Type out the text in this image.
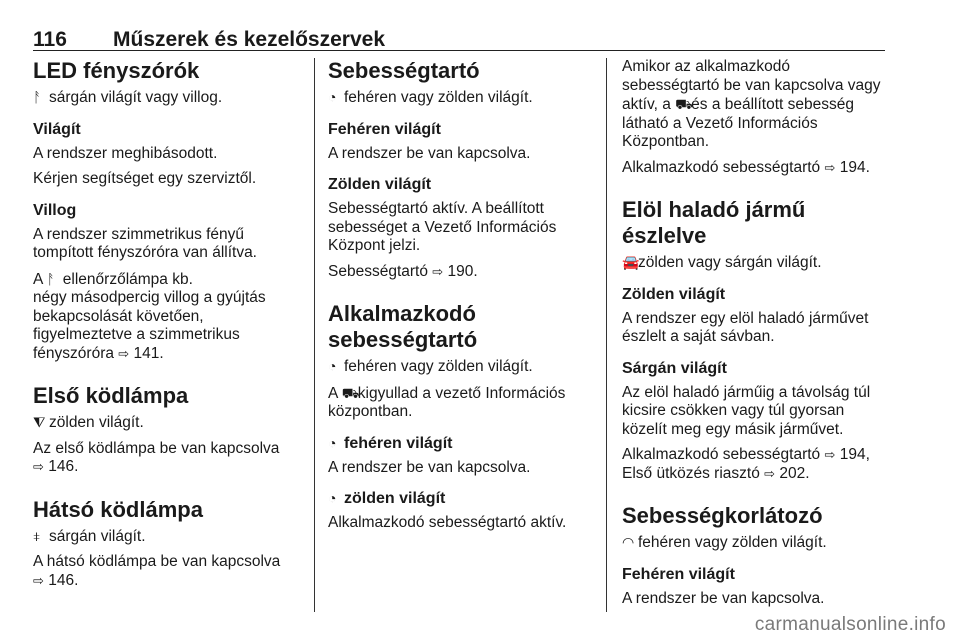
116 Műszerek és kezelőszervek
LED fényszórók
ᚨ sárgán világít vagy villog.
Világít
A rendszer meghibásodott.
Kérjen segítséget egy szerviztől.
Villog
A rendszer szimmetrikus fényű
tompított fényszóróra van állítva.
A ᚨ ellenőrzőlámpa kb.
négy másodpercig villog a gyújtás
bekapcsolását követően,
figyelmeztetve a szimmetrikus
fényszóróra ⇨ 141.
Első ködlámpa
⧨ zölden világít.
Az első ködlámpa be van kapcsolva
⇨ 146.
Hátsó ködlámpa
⧧ sárgán világít.
A hátsó ködlámpa be van kapcsolva
⇨ 146.
Sebességtartó
◔ fehéren vagy zölden világít.
Fehéren világít
A rendszer be van kapcsolva.
Zölden világít
Sebességtartó aktív. A beállított
sebességet a Vezető Információs
Központ jelzi.
Sebességtartó ⇨ 190.
Alkalmazkodó
sebességtartó
◔ fehéren vagy zölden világít.
A ⛟kigyullad a vezető Információs
központban.
◔ fehéren világít
A rendszer be van kapcsolva.
◔ zölden világít
Alkalmazkodó sebességtartó aktív.
Amikor az alkalmazkodó
sebességtartó be van kapcsolva vagy
aktív, a ⛟és a beállított sebesség
látható a Vezető Információs
Központban.
Alkalmazkodó sebességtartó ⇨ 194.
Elöl haladó jármű észlelve
🚘zölden vagy sárgán világít.
Zölden világít
A rendszer egy elöl haladó járművet
észlelt a saját sávban.
Sárgán világít
Az elöl haladó járműig a távolság túl
kicsire csökken vagy túl gyorsan
közelít meg egy másik járművet.
Alkalmazkodó sebességtartó ⇨ 194,
Első ütközés riasztó ⇨ 202.
Sebességkorlátozó
◠ fehéren vagy zölden világít.
Fehéren világít
A rendszer be van kapcsolva.
carmanualsonline.info
